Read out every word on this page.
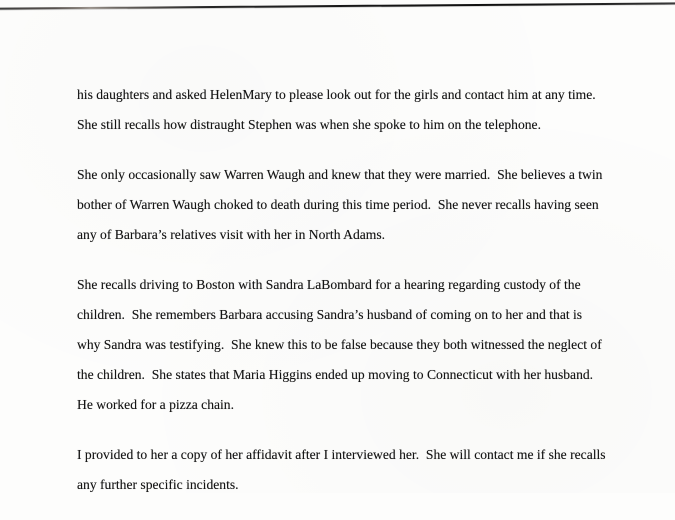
his daughters and asked HelenMary to please look out for the girls and contact him at any time.
She still recalls how distraught Stephen was when she spoke to him on the telephone.

She only occasionally saw Warren Waugh and knew that they were married.  She believes a twin
bother of Warren Waugh choked to death during this time period.  She never recalls having seen
any of Barbara’s relatives visit with her in North Adams.

She recalls driving to Boston with Sandra LaBombard for a hearing regarding custody of the
children.  She remembers Barbara accusing Sandra’s husband of coming on to her and that is
why Sandra was testifying.  She knew this to be false because they both witnessed the neglect of
the children.  She states that Maria Higgins ended up moving to Connecticut with her husband.
He worked for a pizza chain.

I provided to her a copy of her affidavit after I interviewed her.  She will contact me if she recalls
any further specific incidents.
